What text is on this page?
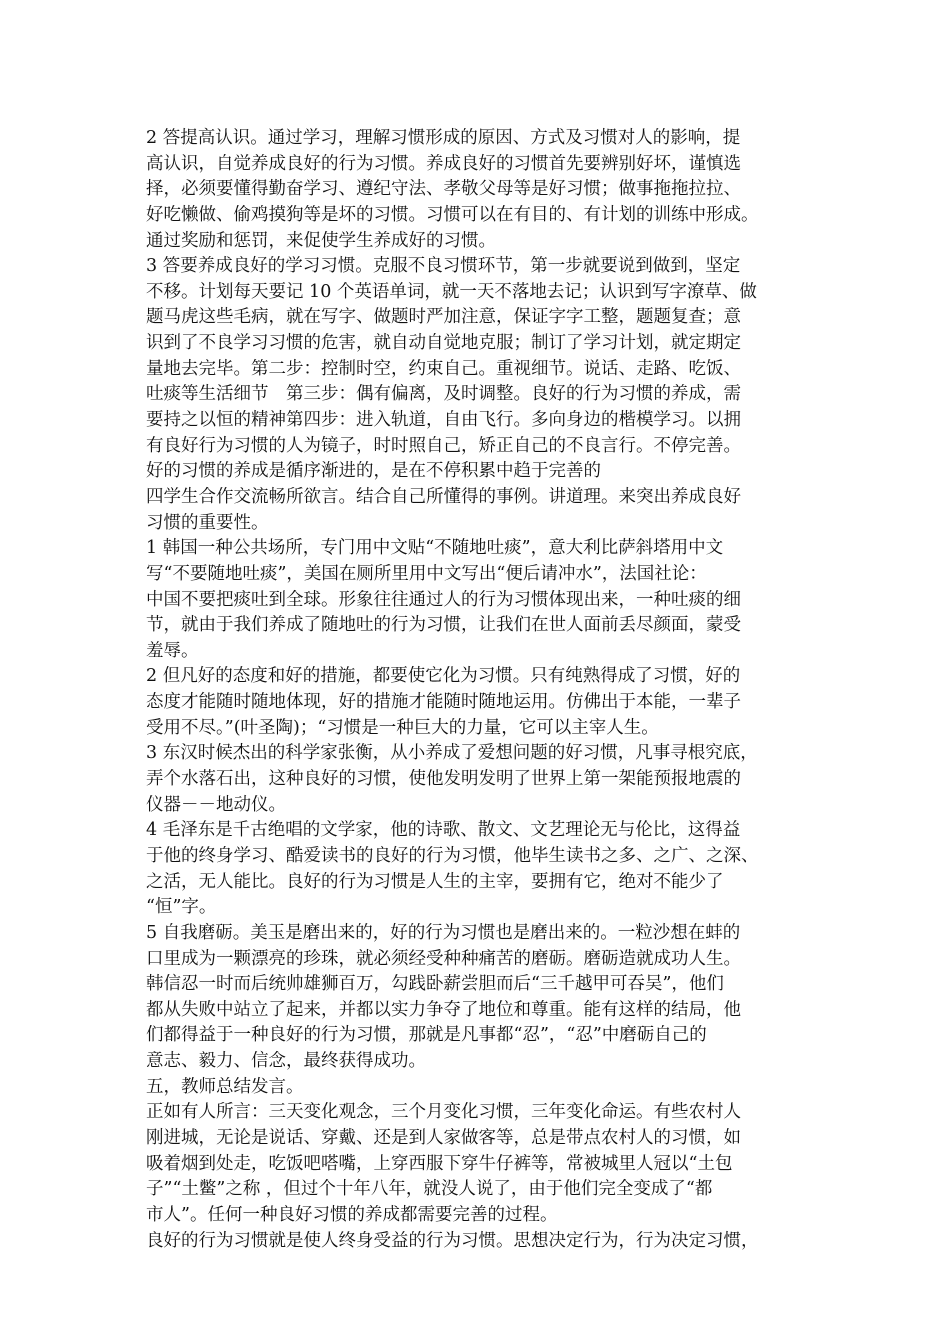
2 答提高认识。通过学习，理解习惯形成的原因、方式及习惯对人的影响，提
高认识，自觉养成良好的行为习惯。养成良好的习惯首先要辨别好坏，谨慎选
择，必须要懂得勤奋学习、遵纪守法、孝敬父母等是好习惯；做事拖拖拉拉、
好吃懒做、偷鸡摸狗等是坏的习惯。习惯可以在有目的、有计划的训练中形成。
通过奖励和惩罚，来促使学生养成好的习惯。
3 答要养成良好的学习习惯。克服不良习惯环节，第一步就要说到做到，坚定
不移。计划每天要记 10 个英语单词，就一天不落地去记；认识到写字潦草、做
题马虎这些毛病，就在写字、做题时严加注意，保证字字工整，题题复查；意
识到了不良学习习惯的危害，就自动自觉地克服；制订了学习计划，就定期定
量地去完毕。第二步：控制时空，约束自己。重视细节。说话、走路、吃饭、
吐痰等生活细节　第三步：偶有偏离，及时调整。良好的行为习惯的养成，需
要持之以恒的精神第四步：进入轨道，自由飞行。多向身边的楷模学习。以拥
有良好行为习惯的人为镜子，时时照自己，矫正自己的不良言行。不停完善。
好的习惯的养成是循序渐进的，是在不停积累中趋于完善的
四学生合作交流畅所欲言。结合自己所懂得的事例。讲道理。来突出养成良好
习惯的重要性。
1 韩国一种公共场所，专门用中文贴“不随地吐痰”，意大利比萨斜塔用中文
写“不要随地吐痰”，美国在厕所里用中文写出“便后请冲水”，法国社论：
中国不要把痰吐到全球。形象往往通过人的行为习惯体现出来，一种吐痰的细
节，就由于我们养成了随地吐的行为习惯，让我们在世人面前丢尽颜面，蒙受
羞辱。
2 但凡好的态度和好的措施，都要使它化为习惯。只有纯熟得成了习惯，好的
态度才能随时随地体现，好的措施才能随时随地运用。仿佛出于本能，一辈子
受用不尽。”(叶圣陶)；“习惯是一种巨大的力量，它可以主宰人生。
3 东汉时候杰出的科学家张衡，从小养成了爱想问题的好习惯，凡事寻根究底，
弄个水落石出，这种良好的习惯，使他发明发明了世界上第一架能预报地震的
仪器－－地动仪。
4 毛泽东是千古绝唱的文学家，他的诗歌、散文、文艺理论无与伦比，这得益
于他的终身学习、酷爱读书的良好的行为习惯，他毕生读书之多、之广、之深、
之活，无人能比。良好的行为习惯是人生的主宰，要拥有它，绝对不能少了
“恒”字。
5 自我磨砺。美玉是磨出来的，好的行为习惯也是磨出来的。一粒沙想在蚌的
口里成为一颗漂亮的珍珠，就必须经受种种痛苦的磨砺。磨砺造就成功人生。
韩信忍一时而后统帅雄狮百万，勾践卧薪尝胆而后“三千越甲可吞吴”，他们
都从失败中站立了起来，并都以实力争夺了地位和尊重。能有这样的结局，他
们都得益于一种良好的行为习惯，那就是凡事都“忍”，“忍”中磨砺自己的
意志、毅力、信念，最终获得成功。
五，教师总结发言。
正如有人所言：三天变化观念，三个月变化习惯，三年变化命运。有些农村人
刚进城，无论是说话、穿戴、还是到人家做客等，总是带点农村人的习惯，如
吸着烟到处走，吃饭吧嗒嘴，上穿西服下穿牛仔裤等，常被城里人冠以“土包
子”“土鳖”之称 ，但过个十年八年，就没人说了，由于他们完全变成了“都
市人”。任何一种良好习惯的养成都需要完善的过程。
良好的行为习惯就是使人终身受益的行为习惯。思想决定行为，行为决定习惯，
